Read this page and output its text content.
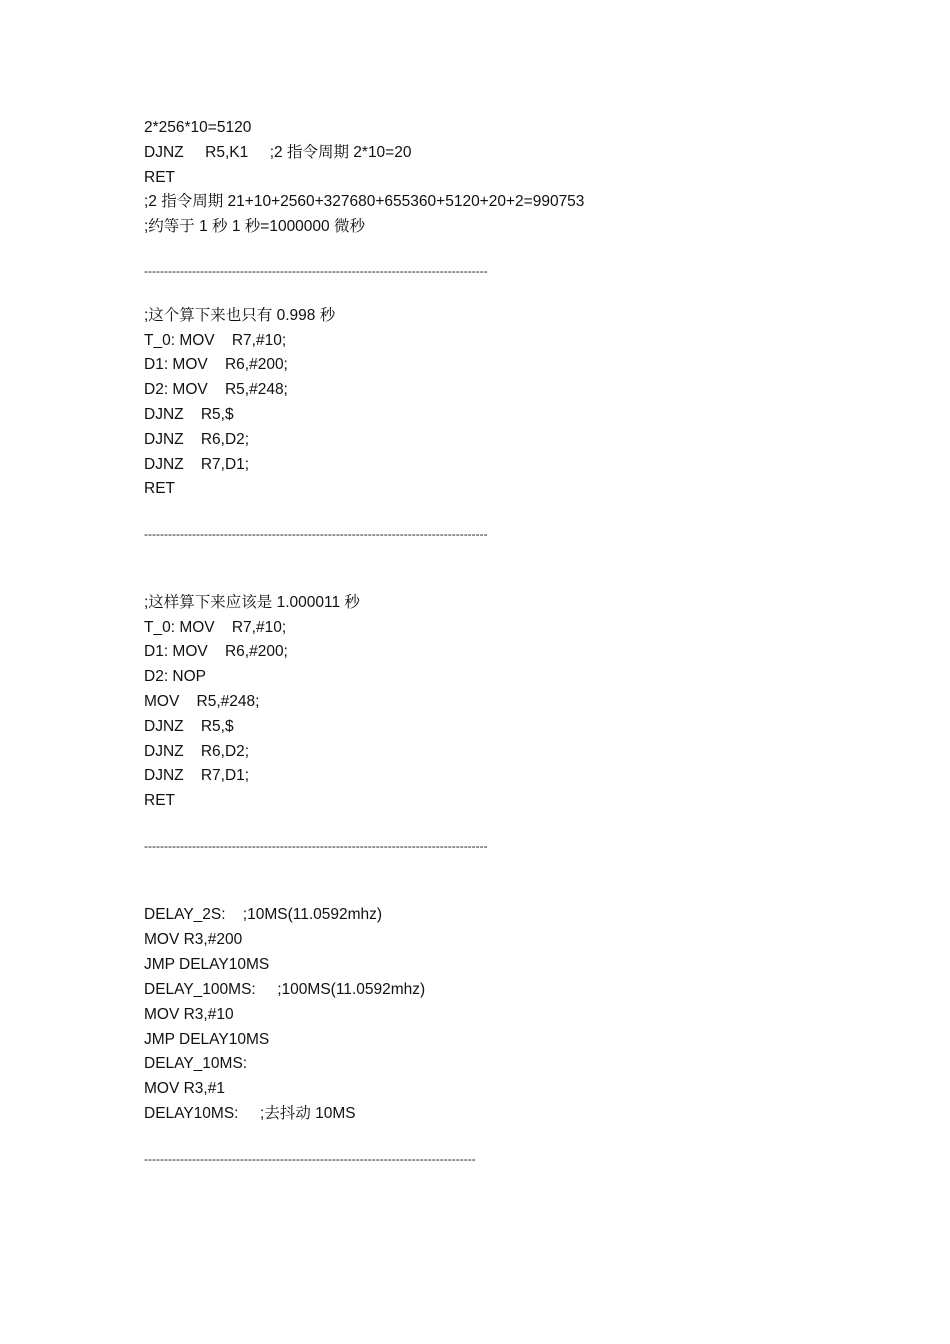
2*256*10=5120
DJNZ     R5,K1     ;2 指令周期 2*10=20
RET
;2 指令周期 21+10+2560+327680+655360+5120+20+2=990753
;约等于 1 秒 1 秒=1000000 微秒
--------------------------------------------------------------------------------------
;这个算下来也只有 0.998 秒
T_0: MOV    R7,#10;
D1: MOV    R6,#200;
D2: MOV    R5,#248;
DJNZ    R5,$
DJNZ    R6,D2;
DJNZ    R7,D1;
RET
--------------------------------------------------------------------------------------
;这样算下来应该是 1.000011 秒
T_0: MOV    R7,#10;
D1: MOV    R6,#200;
D2: NOP
MOV    R5,#248;
DJNZ    R5,$
DJNZ    R6,D2;
DJNZ    R7,D1;
RET
--------------------------------------------------------------------------------------
DELAY_2S:    ;10MS(11.0592mhz)
MOV R3,#200
JMP DELAY10MS
DELAY_100MS:     ;100MS(11.0592mhz)
MOV R3,#10
JMP DELAY10MS
DELAY_10MS:
MOV R3,#1
DELAY10MS:     ;去抖动 10MS
-----------------------------------------------------------------------------------
